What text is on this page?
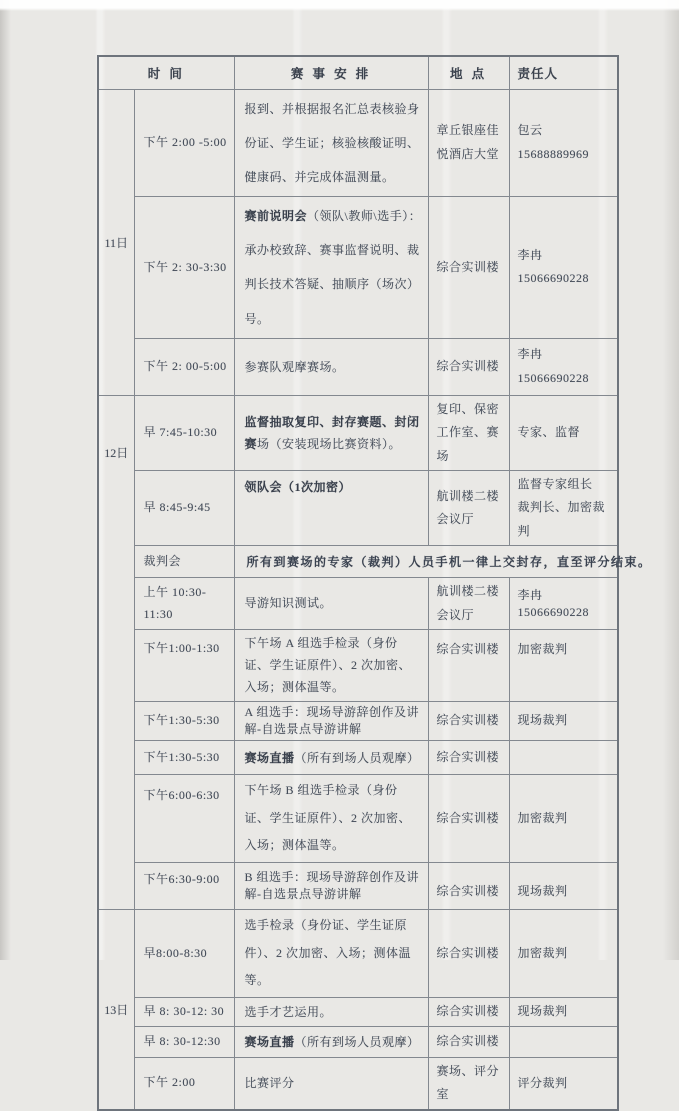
时 间		赛 事 安 排	地 点	责任人
11日	下午 2:00 -5:00	报到、并根据报名汇总表核验身份证、学生证；核验核酸证明、健康码、并完成体温测量。	章丘银座佳悦酒店大堂	包云
15688889969

	下午 2: 30-3:30	赛前说明会（领队\教师\选手）：承办校致辞、赛事监督说明、裁判长技术答疑、抽顺序（场次）号。	综合实训楼	李冉
15066690228

	下午 2: 00-5:00	参赛队观摩赛场。	综合实训楼	李冉
15066690228

12日	早 7:45-10:30	监督抽取复印、封存赛题、封闭赛场（安装现场比赛资料）。	复印、保密工作室、赛场	专家、监督

	早 8:45-9:45	领队会（1次加密）	航训楼二楼会议厅	监督专家组长
裁判长、加密裁判

	裁判会	所有到赛场的专家（裁判）人员手机一律上交封存，直至评分结束。		
	上午 10:30-11:30	导游知识测试。	航训楼二楼会议厅	李冉
15066690228

	下午1:00-1:30	下午场 A 组选手检录（身份证、学生证原件）、2 次加密、入场；测体温等。	综合实训楼	加密裁判

	下午1:30-5:30	A 组选手：现场导游辞创作及讲解-自选景点导游讲解	综合实训楼	现场裁判

	下午1:30-5:30	赛场直播（所有到场人员观摩）	综合实训楼	

	下午6:00-6:30	下午场 B 组选手检录（身份证、学生证原件）、2 次加密、入场；测体温等。	综合实训楼	加密裁判

	下午6:30-9:00	B 组选手：现场导游辞创作及讲解-自选景点导游讲解	综合实训楼	现场裁判

13日	早8:00-8:30	选手检录（身份证、学生证原件）、2 次加密、入场；测体温等。	综合实训楼	加密裁判

	早 8: 30-12: 30	选手才艺运用。	综合实训楼	现场裁判

	早 8: 30-12:30	赛场直播（所有到场人员观摩）	综合实训楼	

	下午 2:00	比赛评分	赛场、评分室	评分裁判
